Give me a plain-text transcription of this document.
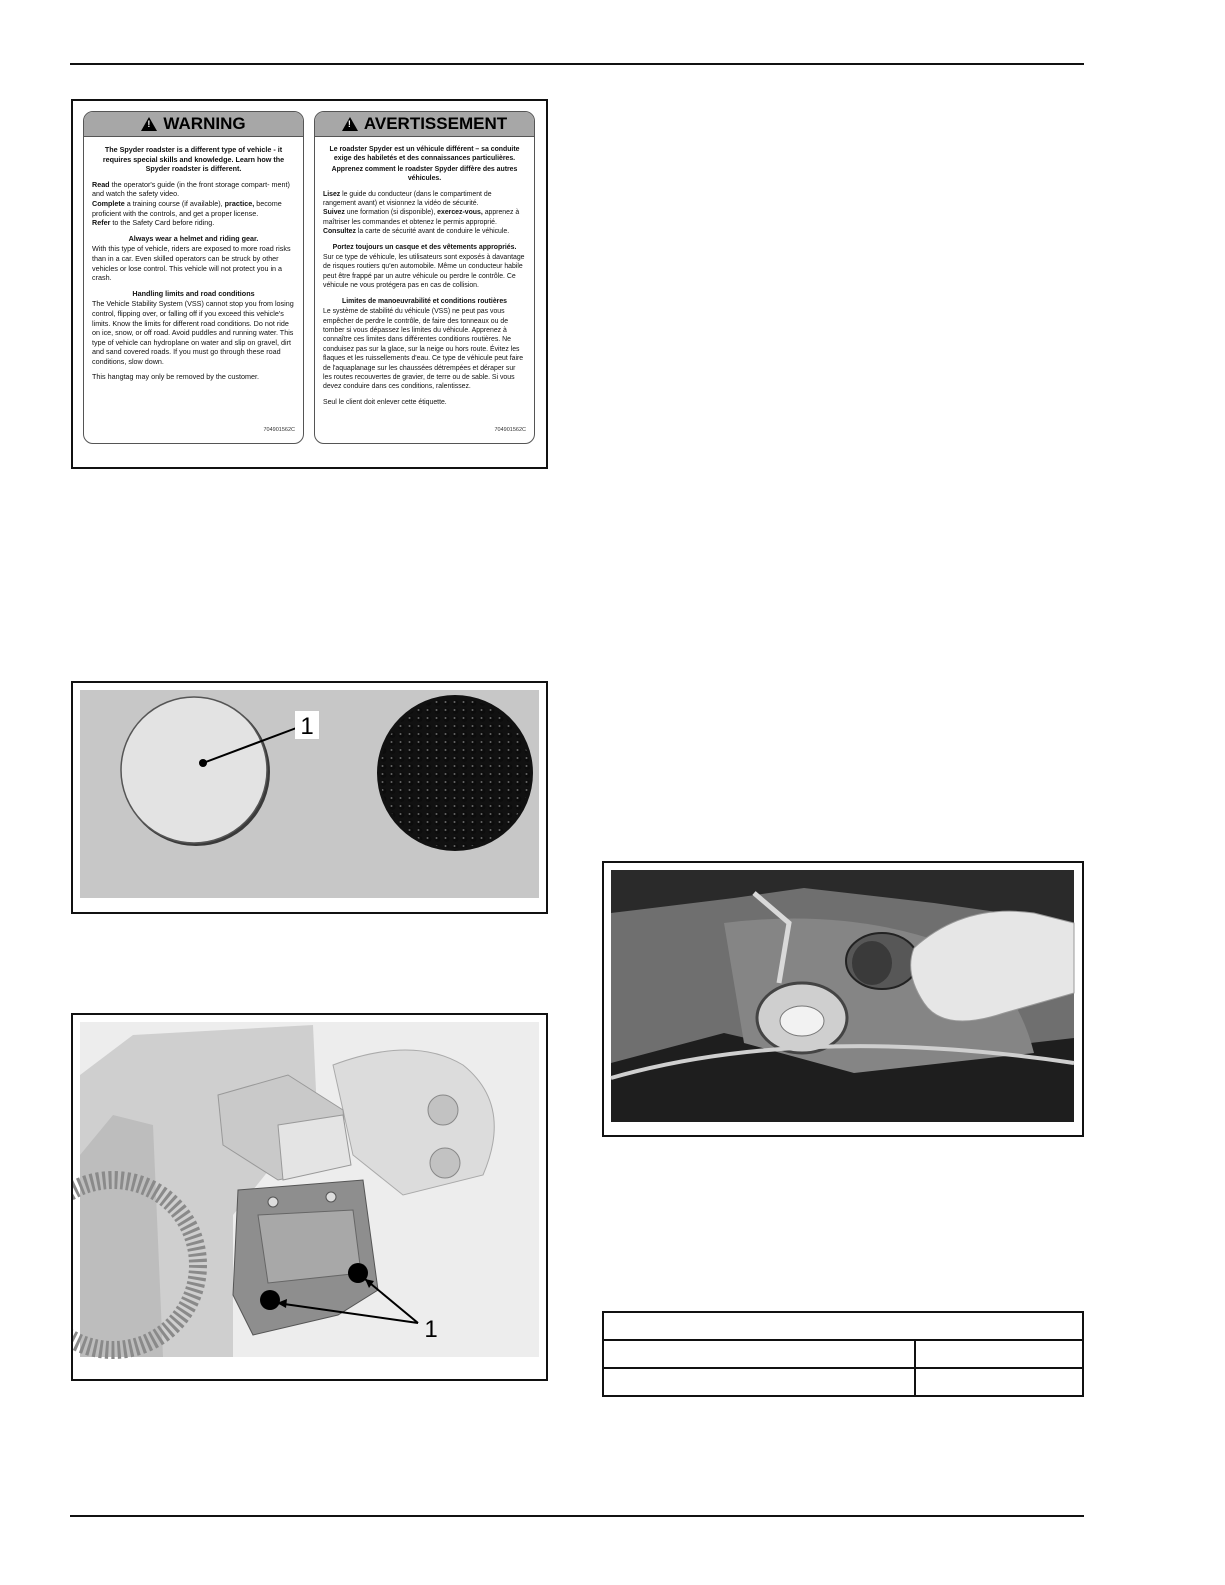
!
WARNING

The Spyder roadster is a different type of vehicle - it requires special skills and knowledge. Learn how the Spyder roadster is different.

Read the operator's guide (in the front storage compart- ment) and watch the safety video.
Complete a training course (if available), practice, become proficient with the controls, and get a proper license.
Refer to the Safety Card before riding.

Always wear a helmet and riding gear.

With this type of vehicle, riders are exposed to more road risks than in a car. Even skilled operators can be struck by other vehicles or lose control. This vehicle will not protect you in a crash.

Handling limits and road conditions

The Vehicle Stability System (VSS) cannot stop you from losing control, flipping over, or falling off if you exceed this vehicle's limits. Know the limits for different road conditions. Do not ride on ice, snow, or off road. Avoid puddles and running water. This type of vehicle can hydroplane on water and slip on gravel, dirt and sand covered roads. If you must go through these road conditions, slow down.

This hangtag may only be removed by the customer.

704901562C
!
AVERTISSEMENT

Le roadster Spyder est un véhicule différent – sa conduite exige des habiletés et des connaissances particulières.

Apprenez comment le roadster Spyder diffère des autres véhicules.

Lisez le guide du conducteur (dans le compartiment de rangement avant) et visionnez la vidéo de sécurité.
Suivez une formation (si disponible), exercez-vous, apprenez à maîtriser les commandes et obtenez le permis approprié.
Consultez la carte de sécurité avant de conduire le véhicule.

Portez toujours un casque et des vêtements appropriés.

Sur ce type de véhicule, les utilisateurs sont exposés à davantage de risques routiers qu'en automobile. Même un conducteur habile peut être frappé par un autre véhicule ou perdre le contrôle. Ce véhicule ne vous protégera pas en cas de collision.

Limites de manoeuvrabilité et conditions routières

Le système de stabilité du véhicule (VSS) ne peut pas vous empêcher de perdre le contrôle, de faire des tonneaux ou de tomber si vous dépassez les limites du véhicule. Apprenez à connaître ces limites dans différentes conditions routières. Ne conduisez pas sur la glace, sur la neige ou hors route. Évitez les flaques et les ruissellements d'eau. Ce type de véhicule peut faire de l'aquaplanage sur les chaussées détrempées et déraper sur les routes recouvertes de gravier, de terre ou de sable. Si vous devez conduire dans ces conditions, ralentissez.

Seul le client doit enlever cette étiquette.

704901562C
1
1
